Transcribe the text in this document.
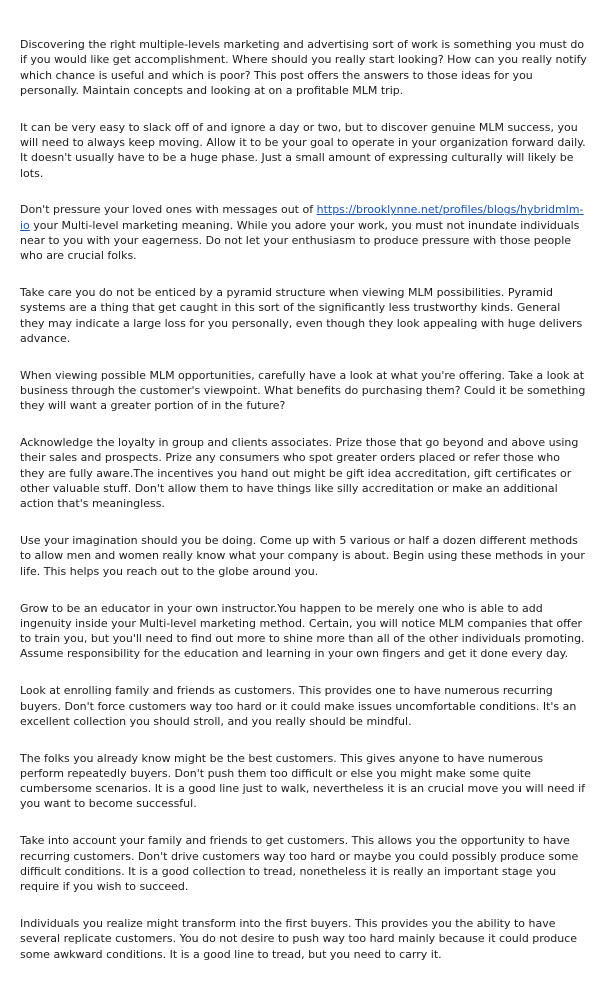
Discovering the right multiple-levels marketing and advertising sort of work is something you must do if you would like get accomplishment. Where should you really start looking? How can you really notify which chance is useful and which is poor? This post offers the answers to those ideas for you personally. Maintain concepts and looking at on a profitable MLM trip.

It can be very easy to slack off of and ignore a day or two, but to discover genuine MLM success, you will need to always keep moving. Allow it to be your goal to operate in your organization forward daily. It doesn't usually have to be a huge phase. Just a small amount of expressing culturally will likely be lots.

Don't pressure your loved ones with messages out of https://brooklynne.net/profiles/blogs/hybridmlm-io your Multi-level marketing meaning. While you adore your work, you must not inundate individuals near to you with your eagerness. Do not let your enthusiasm to produce pressure with those people who are crucial folks.

Take care you do not be enticed by a pyramid structure when viewing MLM possibilities. Pyramid systems are a thing that get caught in this sort of the significantly less trustworthy kinds. General they may indicate a large loss for you personally, even though they look appealing with huge delivers advance.

When viewing possible MLM opportunities, carefully have a look at what you're offering. Take a look at business through the customer's viewpoint. What benefits do purchasing them? Could it be something they will want a greater portion of in the future?

Acknowledge the loyalty in group and clients associates. Prize those that go beyond and above using their sales and prospects. Prize any consumers who spot greater orders placed or refer those who they are fully aware.The incentives you hand out might be gift idea accreditation, gift certificates or other valuable stuff. Don't allow them to have things like silly accreditation or make an additional action that's meaningless.

Use your imagination should you be doing. Come up with 5 various or half a dozen different methods to allow men and women really know what your company is about. Begin using these methods in your life. This helps you reach out to the globe around you.

Grow to be an educator in your own instructor.You happen to be merely one who is able to add ingenuity inside your Multi-level marketing method. Certain, you will notice MLM companies that offer to train you, but you'll need to find out more to shine more than all of the other individuals promoting. Assume responsibility for the education and learning in your own fingers and get it done every day.

Look at enrolling family and friends as customers. This provides one to have numerous recurring buyers. Don't force customers way too hard or it could make issues uncomfortable conditions. It's an excellent collection you should stroll, and you really should be mindful.

The folks you already know might be the best customers. This gives anyone to have numerous perform repeatedly buyers. Don't push them too difficult or else you might make some quite cumbersome scenarios. It is a good line just to walk, nevertheless it is an crucial move you will need if you want to become successful.

Take into account your family and friends to get customers. This allows you the opportunity to have recurring customers. Don't drive customers way too hard or maybe you could possibly produce some difficult conditions. It is a good collection to tread, nonetheless it is really an important stage you require if you wish to succeed.

Individuals you realize might transform into the first buyers. This provides you the ability to have several replicate customers. You do not desire to push way too hard mainly because it could produce some awkward conditions. It is a good line to tread, but you need to carry it.
